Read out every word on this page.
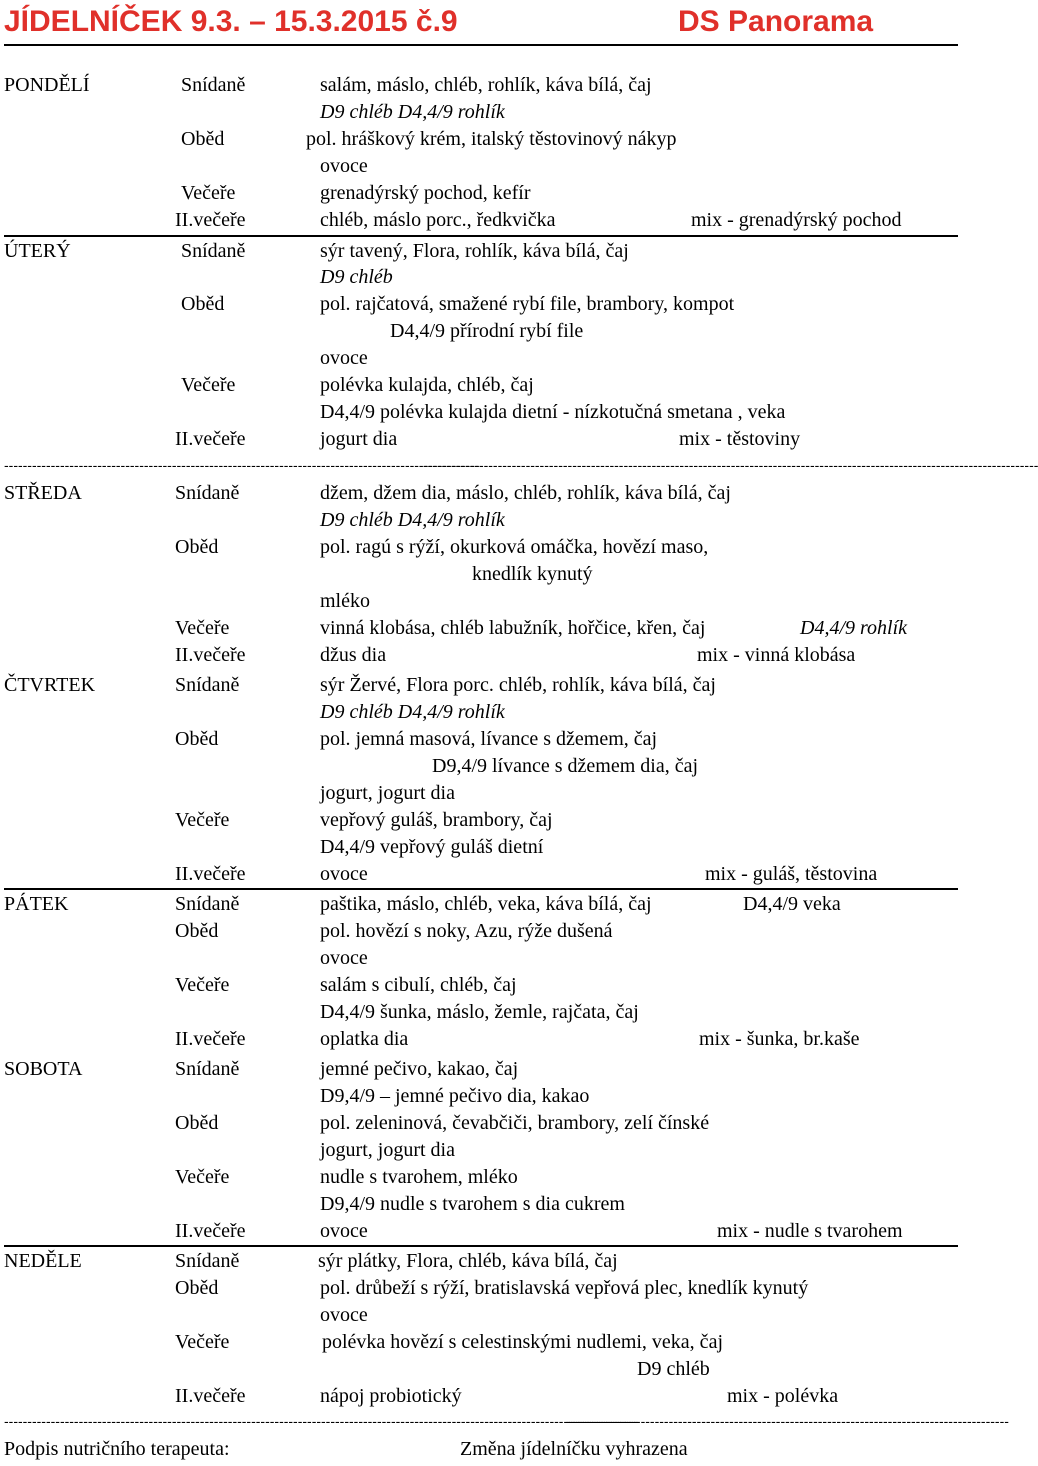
JÍDELNÍČEK 9.3. – 15.3.2015 č.9	DS Panorama
PONDĚLÍ	Snídaně	salám, máslo, chléb, rohlík, káva bílá, čaj
D9 chléb D4,4/9 rohlík
Oběd	pol. hráškový krém, italský těstovinový nákyp
ovoce
Večeře	grenadýrský pochod, kefír
II.večeře	chléb, máslo porc., ředkvička	mix - grenadýrský pochod
ÚTERÝ	Snídaně	sýr tavený, Flora, rohlík, káva bílá, čaj
D9 chléb
Oběd	pol. rajčatová, smažené rybí file, brambory, kompot
D4,4/9 přírodní rybí file
ovoce
Večeře	polévka kulajda, chléb, čaj
D4,4/9 polévka kulajda dietní - nízkotučná smetana , veka
II.večeře	jogurt dia	mix - těstoviny
------------------------------------------------------------------------------------------------------
------------------------------------------------------------------------------------------------------------------------------------
STŘEDA	Snídaně	džem, džem dia, máslo, chléb, rohlík, káva bílá, čaj
D9 chléb D4,4/9 rohlík
Oběd	pol. ragú s rýží, okurková omáčka, hovězí maso,
knedlík kynutý
mléko
Večeře	vinná klobása, chléb labužník, hořčice, křen, čaj	D4,4/9 rohlík
II.večeře	džus dia	mix - vinná klobása
ČTVRTEK	Snídaně	sýr Žervé, Flora porc. chléb, rohlík, káva bílá, čaj
D9 chléb D4,4/9 rohlík
Oběd	pol. jemná masová, lívance s džemem, čaj
D9,4/9 lívance s džemem dia, čaj
jogurt, jogurt dia
Večeře	vepřový guláš, brambory, čaj
D4,4/9 vepřový guláš dietní
II.večeře	ovoce	mix - guláš, těstovina
PÁTEK	Snídaně	paštika, máslo, chléb, veka, káva bílá, čaj	D4,4/9 veka
Oběd	pol. hovězí s noky, Azu, rýže dušená
ovoce
Večeře	salám s cibulí, chléb, čaj
D4,4/9 šunka, máslo, žemle, rajčata, čaj
II.večeře	oplatka dia	mix - šunka, br.kaše
SOBOTA	Snídaně	jemné pečivo, kakao, čaj
D9,4/9 – jemné pečivo dia, kakao
Oběd	pol. zeleninová, čevabčiči, brambory, zelí čínské
jogurt, jogurt dia
Večeře	nudle s tvarohem, mléko
D9,4/9 nudle s tvarohem s dia cukrem
II.večeře	ovoce	mix - nudle s tvarohem
NEDĚLE	Snídaně	sýr plátky, Flora, chléb, káva bílá, čaj
Oběd	pol. drůbeží s rýží, bratislavská vepřová plec, knedlík kynutý
ovoce
Večeře	polévka hovězí s celestinskými nudlemi, veka, čaj
D9 chléb
II.večeře	nápoj probiotický	mix - polévka
----------------------------------------------------------------------------------------------------------------------------------------
-----------------------------------------------------------------------------------------------
Podpis nutričního terapeuta:	Změna jídelníčku vyhrazena
